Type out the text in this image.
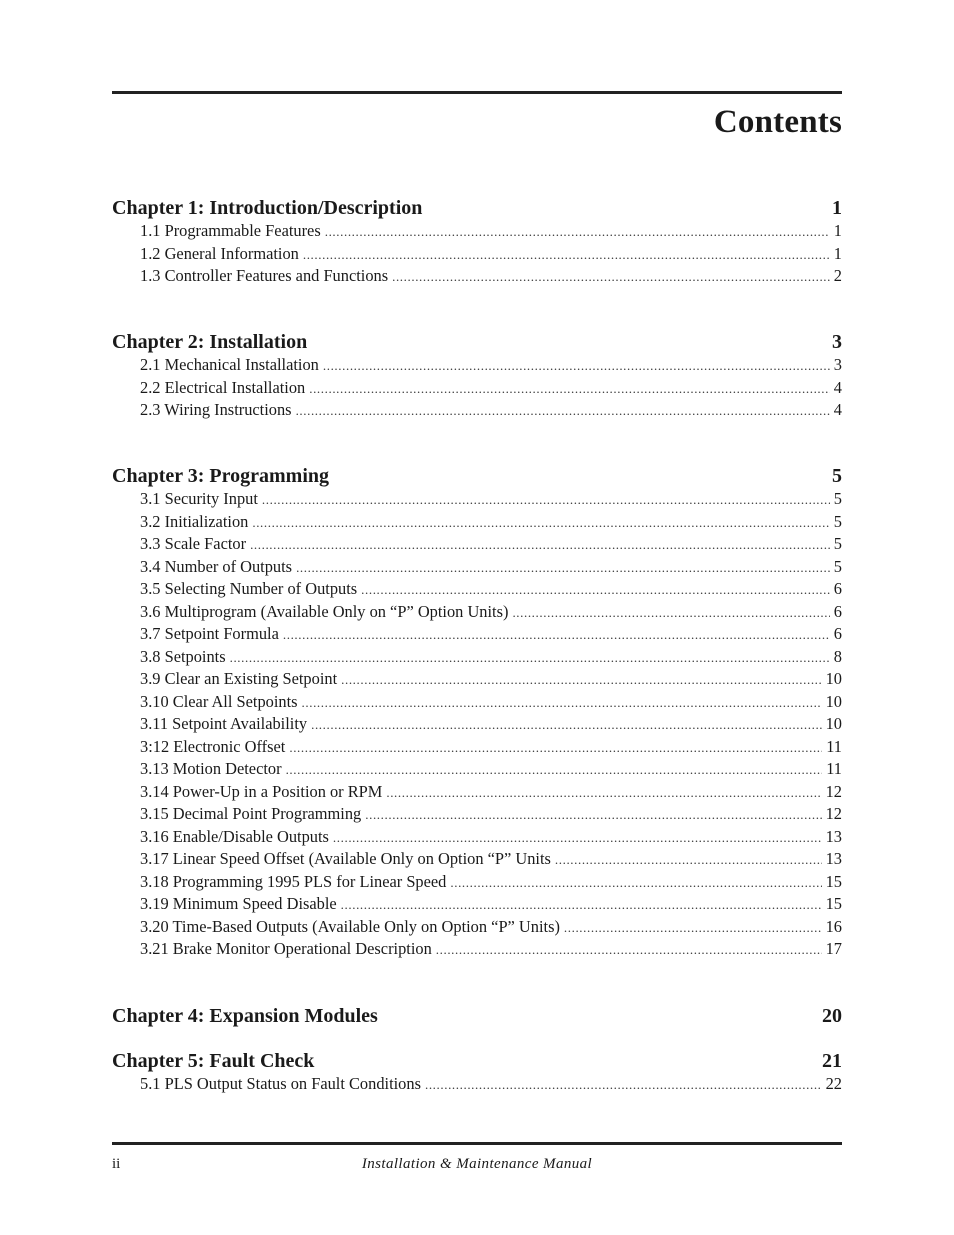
Contents
Chapter 1: Introduction/Description	1
1.1 Programmable Features .....	1
1.2 General Information .....	1
1.3 Controller Features and Functions .....	2
Chapter 2: Installation	3
2.1 Mechanical Installation .....	3
2.2 Electrical Installation .....	4
2.3 Wiring Instructions .....	4
Chapter 3: Programming	5
3.1 Security Input .....	5
3.2 Initialization .....	5
3.3 Scale Factor .....	5
3.4 Number of Outputs .....	5
3.5 Selecting Number of Outputs .....	6
3.6 Multiprogram (Available Only on “P” Option Units) .....	6
3.7 Setpoint Formula .....	6
3.8 Setpoints .....	8
3.9 Clear an Existing Setpoint .....	10
3.10 Clear All Setpoints .....	10
3.11 Setpoint Availability .....	10
3:12 Electronic Offset .....	11
3.13 Motion Detector .....	11
3.14 Power-Up in a Position or RPM .....	12
3.15 Decimal Point Programming .....	12
3.16 Enable/Disable Outputs .....	13
3.17 Linear Speed Offset (Available Only on Option “P” Units .....	13
3.18 Programming 1995 PLS for Linear Speed .....	15
3.19 Minimum Speed Disable .....	15
3.20 Time-Based Outputs (Available Only on Option “P” Units) .....	16
3.21 Brake Monitor Operational Description .....	17
Chapter 4: Expansion Modules	20
Chapter 5: Fault Check	21
5.1 PLS Output Status on Fault Conditions .....	22
ii	Installation & Maintenance Manual
